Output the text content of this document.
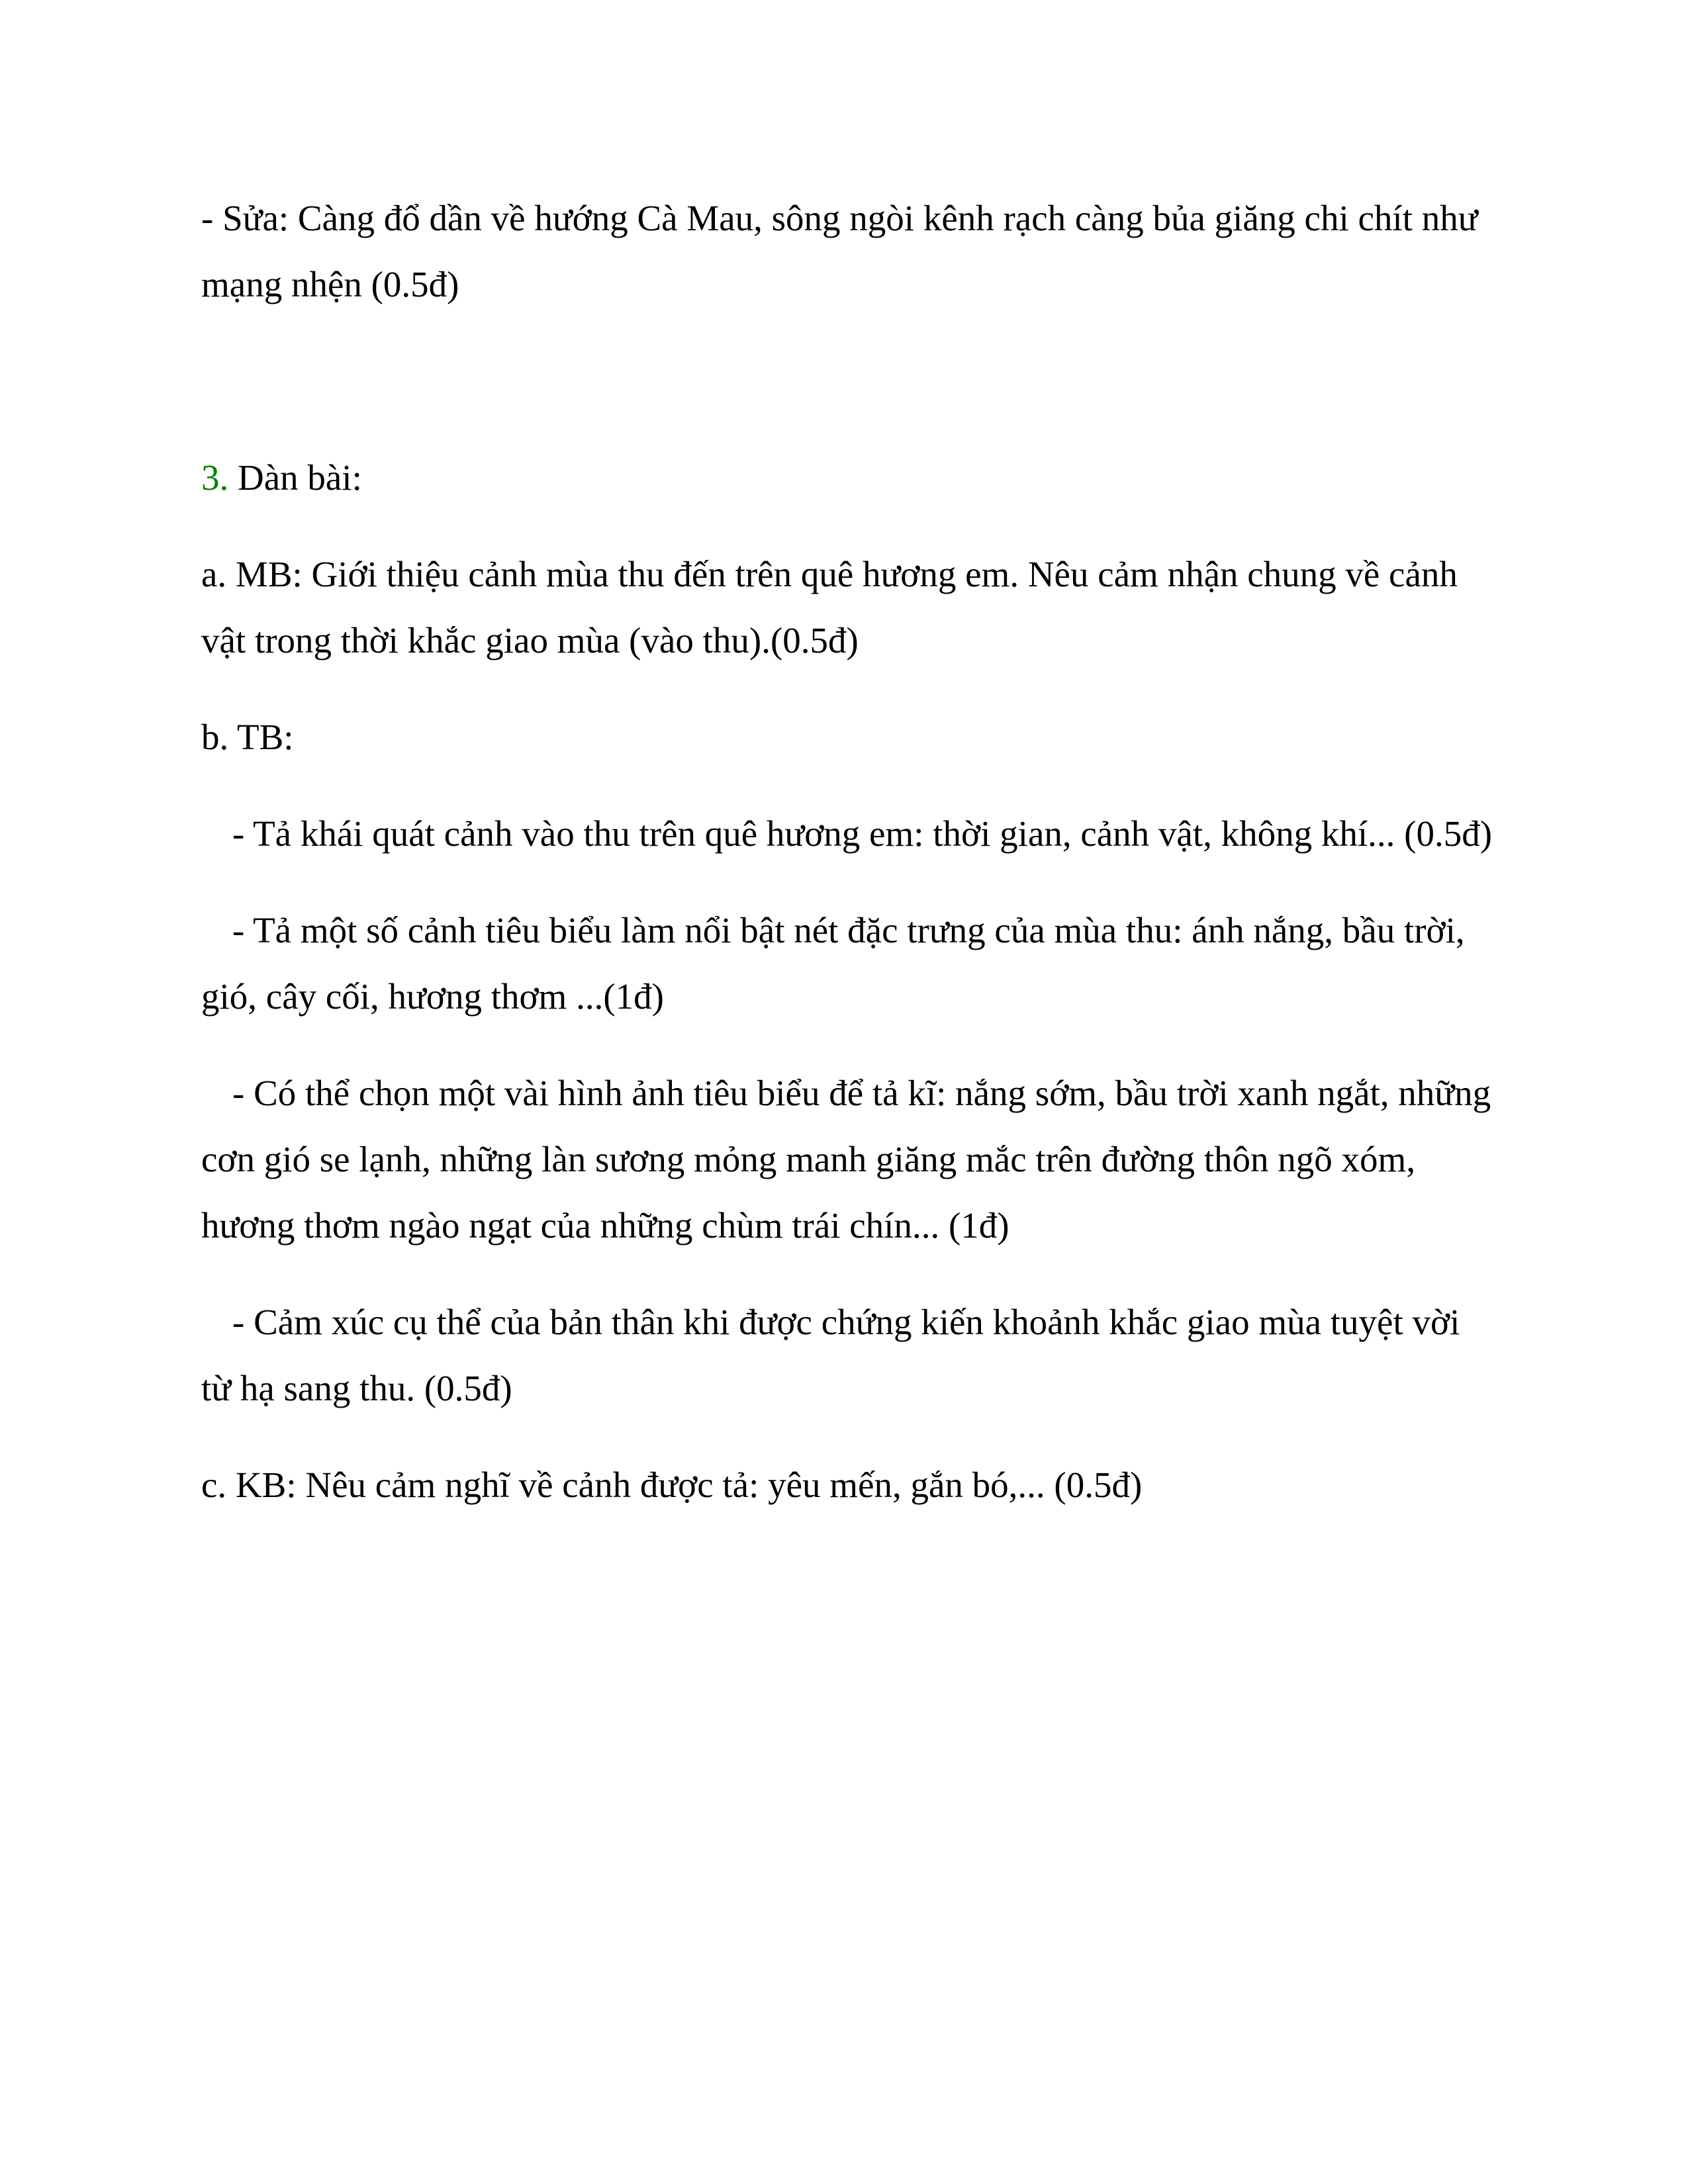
- Sửa: Càng đổ dần về hướng Cà Mau, sông ngòi kênh rạch càng bủa giăng chi chít như mạng nhện (0.5đ)

3. Dàn bài:

a. MB: Giới thiệu cảnh mùa thu đến trên quê hương em. Nêu cảm nhận chung về cảnh vật trong thời khắc giao mùa (vào thu).(0.5đ)

b. TB:

- Tả khái quát cảnh vào thu trên quê hương em: thời gian, cảnh vật, không khí... (0.5đ)

- Tả một số cảnh tiêu biểu làm nổi bật nét đặc trưng của mùa thu: ánh nắng, bầu trời, gió, cây cối, hương thơm ...(1đ)

- Có thể chọn một vài hình ảnh tiêu biểu để tả kĩ: nắng sớm, bầu trời xanh ngắt, những cơn gió se lạnh, những làn sương mỏng manh giăng mắc trên đường thôn ngõ xóm, hương thơm ngào ngạt của những chùm trái chín... (1đ)

- Cảm xúc cụ thể của bản thân khi được chứng kiến khoảnh khắc giao mùa tuyệt vời từ hạ sang thu. (0.5đ)

c. KB: Nêu cảm nghĩ về cảnh được tả: yêu mến, gắn bó,... (0.5đ)
